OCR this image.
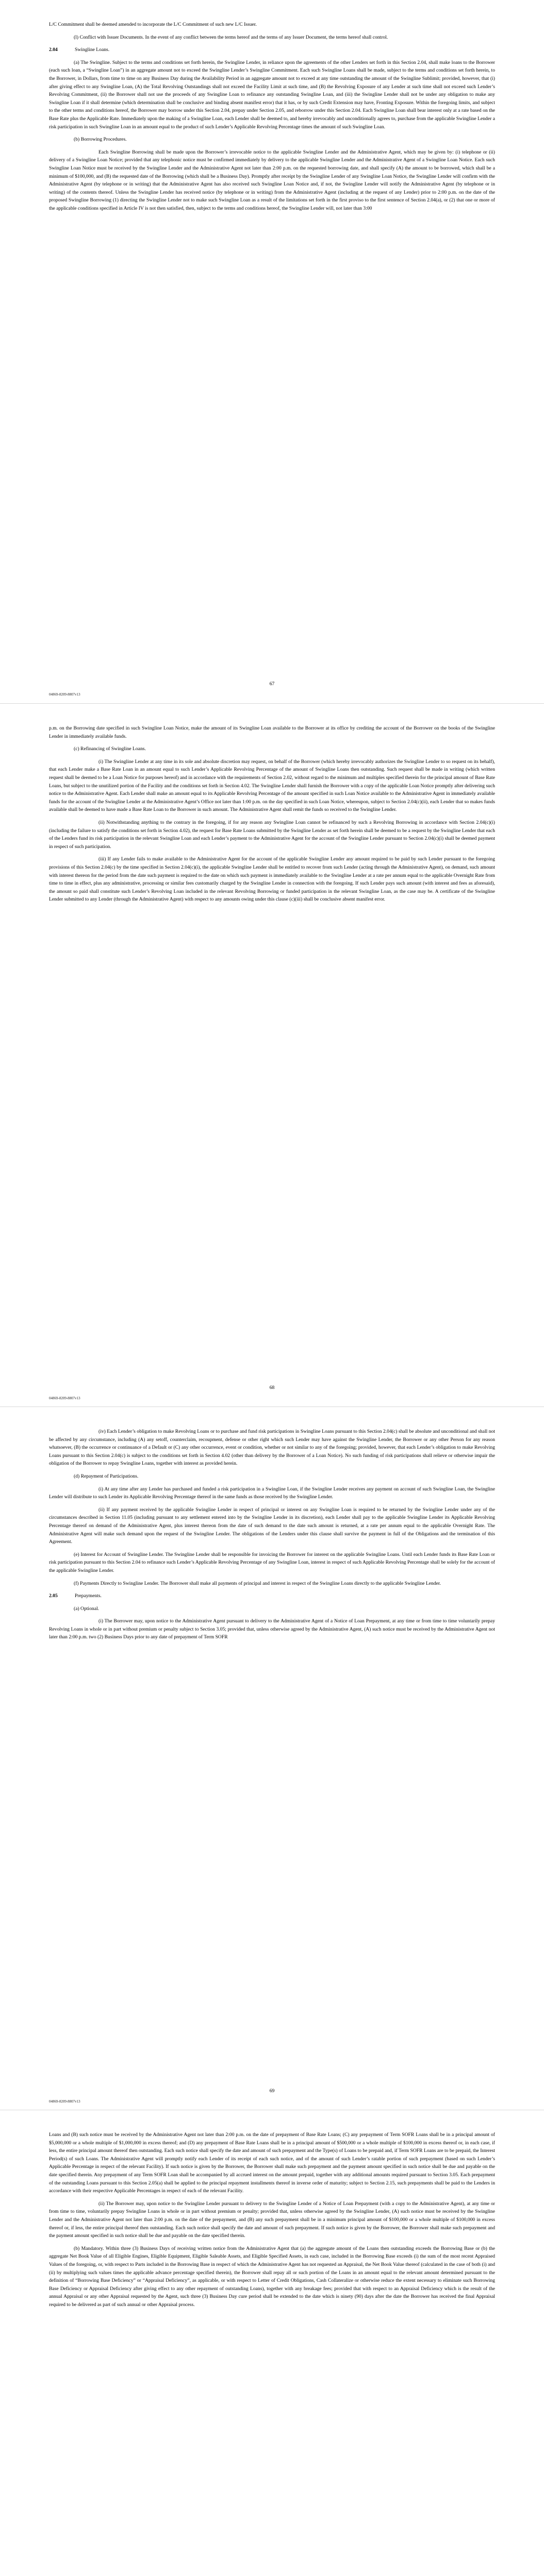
L/C Commitment shall be deemed amended to incorporate the L/C Commitment of such new L/C Issuer.

(l) Conflict with Issuer Documents. In the event of any conflict between the terms hereof and the terms of any Issuer Document, the terms hereof shall control.

2.04	Swingline Loans.

(a) The Swingline. Subject to the terms and conditions set forth herein, the Swingline Lender, in reliance upon the agreements of the other Lenders set forth in this Section 2.04, shall make loans to the Borrower (each such loan, a “Swingline Loan”) in an aggregate amount not to exceed the Swingline Lender’s Swingline Commitment. Each such Swingline Loans shall be made, subject to the terms and conditions set forth herein, to the Borrower, in Dollars, from time to time on any Business Day during the Availability Period in an aggregate amount not to exceed at any time outstanding the amount of the Swingline Sublimit; provided, however, that (i) after giving effect to any Swingline Loan, (A) the Total Revolving Outstandings shall not exceed the Facility Limit at such time, and (B) the Revolving Exposure of any Lender at such time shall not exceed such Lender’s Revolving Commitment, (ii) the Borrower shall not use the proceeds of any Swingline Loan to refinance any outstanding Swingline Loan, and (iii) the Swingline Lender shall not be under any obligation to make any Swingline Loan if it shall determine (which determination shall be conclusive and binding absent manifest error) that it has, or by such Credit Extension may have, Fronting Exposure. Within the foregoing limits, and subject to the other terms and conditions hereof, the Borrower may borrow under this Section 2.04, prepay under Section 2.05, and reborrow under this Section 2.04. Each Swingline Loan shall bear interest only at a rate based on the Base Rate plus the Applicable Rate. Immediately upon the making of a Swingline Loan, each Lender shall be deemed to, and hereby irrevocably and unconditionally agrees to, purchase from the applicable Swingline Lender a risk participation in such Swingline Loan in an amount equal to the product of such Lender’s Applicable Revolving Percentage times the amount of such Swingline Loan.

(b) Borrowing Procedures.

Each Swingline Borrowing shall be made upon the Borrower’s irrevocable notice to the applicable Swingline Lender and the Administrative Agent, which may be given by: (i) telephone or (ii) delivery of a Swingline Loan Notice; provided that any telephonic notice must be confirmed immediately by delivery to the applicable Swingline Lender and the Administrative Agent of a Swingline Loan Notice. Each such Swingline Loan Notice must be received by the Swingline Lender and the Administrative Agent not later than 2:00 p.m. on the requested borrowing date, and shall specify (A) the amount to be borrowed, which shall be a minimum of $100,000, and (B) the requested date of the Borrowing (which shall be a Business Day). Promptly after receipt by the Swingline Lender of any Swingline Loan Notice, the Swingline Lender will confirm with the Administrative Agent (by telephone or in writing) that the Administrative Agent has also received such Swingline Loan Notice and, if not, the Swingline Lender will notify the Administrative Agent (by telephone or in writing) of the contents thereof. Unless the Swingline Lender has received notice (by telephone or in writing) from the Administrative Agent (including at the request of any Lender) prior to 2:00 p.m. on the date of the proposed Swingline Borrowing (1) directing the Swingline Lender not to make such Swingline Loan as a result of the limitations set forth in the first proviso to the first sentence of Section 2.04(a), or (2) that one or more of the applicable conditions specified in Article IV is not then satisfied, then, subject to the terms and conditions hereof, the Swingline Lender will, not later than 3:00

67
04869-8209-8807v13

p.m. on the Borrowing date specified in such Swingline Loan Notice, make the amount of its Swingline Loan available to the Borrower at its office by crediting the account of the Borrower on the books of the Swingline Lender in immediately available funds.

(c) Refinancing of Swingline Loans.

(i) The Swingline Lender at any time in its sole and absolute discretion may request, on behalf of the Borrower (which hereby irrevocably authorizes the Swingline Lender to so request on its behalf), that each Lender make a Base Rate Loan in an amount equal to such Lender’s Applicable Revolving Percentage of the amount of Swingline Loans then outstanding. Such request shall be made in writing (which written request shall be deemed to be a Loan Notice for purposes hereof) and in accordance with the requirements of Section 2.02, without regard to the minimum and multiples specified therein for the principal amount of Base Rate Loans, but subject to the unutilized portion of the Facility and the conditions set forth in Section 4.02. The Swingline Lender shall furnish the Borrower with a copy of the applicable Loan Notice promptly after delivering such notice to the Administrative Agent. Each Lender shall make an amount equal to its Applicable Revolving Percentage of the amount specified in such Loan Notice available to the Administrative Agent in immediately available funds for the account of the Swingline Lender at the Administrative Agent’s Office not later than 1:00 p.m. on the day specified in such Loan Notice, whereupon, subject to Section 2.04(c)(ii), each Lender that so makes funds available shall be deemed to have made a Base Rate Loan to the Borrower in such amount. The Administrative Agent shall remit the funds so received to the Swingline Lender.

(ii) Notwithstanding anything to the contrary in the foregoing, if for any reason any Swingline Loan cannot be refinanced by such a Revolving Borrowing in accordance with Section 2.04(c)(i) (including the failure to satisfy the conditions set forth in Section 4.02), the request for Base Rate Loans submitted by the Swingline Lender as set forth herein shall be deemed to be a request by the Swingline Lender that each of the Lenders fund its risk participation in the relevant Swingline Loan and each Lender’s payment to the Administrative Agent for the account of the Swingline Lender pursuant to Section 2.04(c)(i) shall be deemed payment in respect of such participation.

(iii) If any Lender fails to make available to the Administrative Agent for the account of the applicable Swingline Lender any amount required to be paid by such Lender pursuant to the foregoing provisions of this Section 2.04(c) by the time specified in Section 2.04(c)(i), the applicable Swingline Lender shall be entitled to recover from such Lender (acting through the Administrative Agent), on demand, such amount with interest thereon for the period from the date such payment is required to the date on which such payment is immediately available to the Swingline Lender at a rate per annum equal to the applicable Overnight Rate from time to time in effect, plus any administrative, processing or similar fees customarily charged by the Swingline Lender in connection with the foregoing. If such Lender pays such amount (with interest and fees as aforesaid), the amount so paid shall constitute such Lender’s Revolving Loan included in the relevant Revolving Borrowing or funded participation in the relevant Swingline Loan, as the case may be. A certificate of the Swingline Lender submitted to any Lender (through the Administrative Agent) with respect to any amounts owing under this clause (c)(iii) shall be conclusive absent manifest error.

68
04869-8209-8807v13

(iv) Each Lender’s obligation to make Revolving Loans or to purchase and fund risk participations in Swingline Loans pursuant to this Section 2.04(c) shall be absolute and unconditional and shall not be affected by any circumstance, including (A) any setoff, counterclaim, recoupment, defense or other right which such Lender may have against the Swingline Lender, the Borrower or any other Person for any reason whatsoever, (B) the occurrence or continuance of a Default or (C) any other occurrence, event or condition, whether or not similar to any of the foregoing; provided, however, that each Lender’s obligation to make Revolving Loans pursuant to this Section 2.04(c) is subject to the conditions set forth in Section 4.02 (other than delivery by the Borrower of a Loan Notice). No such funding of risk participations shall relieve or otherwise impair the obligation of the Borrower to repay Swingline Loans, together with interest as provided herein.

(d) Repayment of Participations.

(i) At any time after any Lender has purchased and funded a risk participation in a Swingline Loan, if the Swingline Lender receives any payment on account of such Swingline Loan, the Swingline Lender will distribute to such Lender its Applicable Revolving Percentage thereof in the same funds as those received by the Swingline Lender.

(ii) If any payment received by the applicable Swingline Lender in respect of principal or interest on any Swingline Loan is required to be returned by the Swingline Lender under any of the circumstances described in Section 11.05 (including pursuant to any settlement entered into by the Swingline Lender in its discretion), each Lender shall pay to the applicable Swingline Lender its Applicable Revolving Percentage thereof on demand of the Administrative Agent, plus interest thereon from the date of such demand to the date such amount is returned, at a rate per annum equal to the applicable Overnight Rate. The Administrative Agent will make such demand upon the request of the Swingline Lender. The obligations of the Lenders under this clause shall survive the payment in full of the Obligations and the termination of this Agreement.

(e) Interest for Account of Swingline Lender. The Swingline Lender shall be responsible for invoicing the Borrower for interest on the applicable Swingline Loans. Until each Lender funds its Base Rate Loan or risk participation pursuant to this Section 2.04 to refinance such Lender’s Applicable Revolving Percentage of any Swingline Loan, interest in respect of such Applicable Revolving Percentage shall be solely for the account of the applicable Swingline Lender.

(f) Payments Directly to Swingline Lender. The Borrower shall make all payments of principal and interest in respect of the Swingline Loans directly to the applicable Swingline Lender.

2.05	Prepayments.

(a) Optional.

(i) The Borrower may, upon notice to the Administrative Agent pursuant to delivery to the Administrative Agent of a Notice of Loan Prepayment, at any time or from time to time voluntarily prepay Revolving Loans in whole or in part without premium or penalty subject to Section 3.05; provided that, unless otherwise agreed by the Administrative Agent, (A) such notice must be received by the Administrative Agent not later than 2:00 p.m. two (2) Business Days prior to any date of prepayment of Term SOFR

69
04869-8209-8807v13

Loans and (B) such notice must be received by the Administrative Agent not later than 2:00 p.m. on the date of prepayment of Base Rate Loans; (C) any prepayment of Term SOFR Loans shall be in a principal amount of $5,000,000 or a whole multiple of $1,000,000 in excess thereof; and (D) any prepayment of Base Rate Loans shall be in a principal amount of $500,000 or a whole multiple of $100,000 in excess thereof or, in each case, if less, the entire principal amount thereof then outstanding. Each such notice shall specify the date and amount of such prepayment and the Type(s) of Loans to be prepaid and, if Term SOFR Loans are to be prepaid, the Interest Period(s) of such Loans. The Administrative Agent will promptly notify each Lender of its receipt of each such notice, and of the amount of such Lender’s ratable portion of such prepayment (based on such Lender’s Applicable Percentage in respect of the relevant Facility). If such notice is given by the Borrower, the Borrower shall make such prepayment and the payment amount specified in such notice shall be due and payable on the date specified therein. Any prepayment of any Term SOFR Loan shall be accompanied by all accrued interest on the amount prepaid, together with any additional amounts required pursuant to Section 3.05. Each prepayment of the outstanding Loans pursuant to this Section 2.05(a) shall be applied to the principal repayment installments thereof in inverse order of maturity; subject to Section 2.15, such prepayments shall be paid to the Lenders in accordance with their respective Applicable Percentages in respect of each of the relevant Facility.

(ii) The Borrower may, upon notice to the Swingline Lender pursuant to delivery to the Swingline Lender of a Notice of Loan Prepayment (with a copy to the Administrative Agent), at any time or from time to time, voluntarily prepay Swingline Loans in whole or in part without premium or penalty; provided that, unless otherwise agreed by the Swingline Lender, (A) such notice must be received by the Swingline Lender and the Administrative Agent not later than 2:00 p.m. on the date of the prepayment, and (B) any such prepayment shall be in a minimum principal amount of $100,000 or a whole multiple of $100,000 in excess thereof or, if less, the entire principal thereof then outstanding. Each such notice shall specify the date and amount of such prepayment. If such notice is given by the Borrower, the Borrower shall make such prepayment and the payment amount specified in such notice shall be due and payable on the date specified therein.

(b) Mandatory. Within three (3) Business Days of receiving written notice from the Administrative Agent that (a) the aggregate amount of the Loans then outstanding exceeds the Borrowing Base or (b) the aggregate Net Book Value of all Eligible Engines, Eligible Equipment, Eligible Saleable Assets, and Eligible Specified Assets, in each case, included in the Borrowing Base exceeds (i) the sum of the most recent Appraised Values of the foregoing, or, with respect to Parts included in the Borrowing Base in respect of which the Administrative Agent has not requested an Appraisal, the Net Book Value thereof (calculated in the case of both (i) and (ii) by multiplying such values times the applicable advance percentage specified therein), the Borrower shall repay all or such portion of the Loans in an amount equal to the relevant amount determined pursuant to the definition of “Borrowing Base Deficiency” or “Appraisal Deficiency”, as applicable, or with respect to Letter of Credit Obligations, Cash Collateralize or otherwise reduce the extent necessary to eliminate such Borrowing Base Deficiency or Appraisal Deficiency after giving effect to any other repayment of outstanding Loans), together with any breakage fees; provided that with respect to an Appraisal Deficiency which is the result of the annual Appraisal or any other Appraisal requested by the Agent, such three (3) Business Day cure period shall be extended to the date which is ninety (90) days after the date the Borrower has received the final Appraisal required to be delivered as part of such annual or other Appraisal process.
